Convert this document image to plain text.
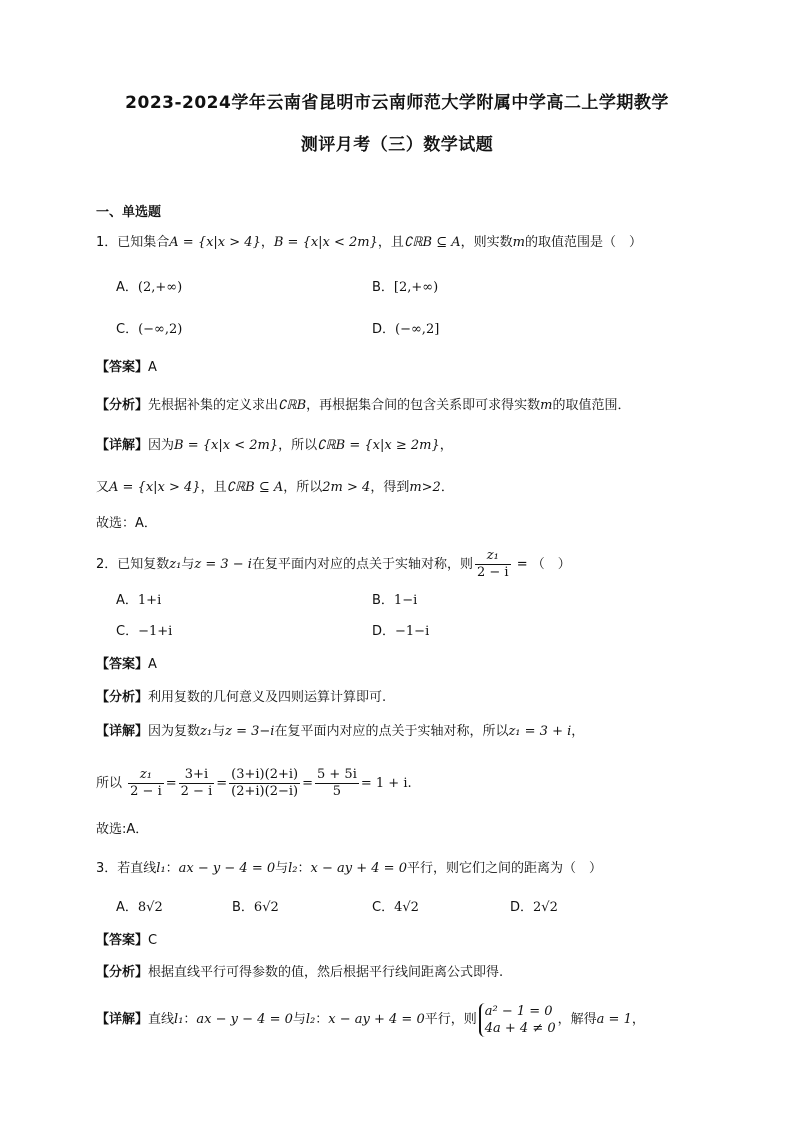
2023-2024学年云南省昆明市云南师范大学附属中学高二上学期教学
测评月考（三）数学试题
一、单选题
1．已知集合A = {x|x > 4}，B = {x|x < 2m}，且∁ℝB ⊆ A，则实数m的取值范围是（　）
A．(2,+∞)	B．[2,+∞)
C．(−∞,2)	D．(−∞,2]
【答案】A
【分析】先根据补集的定义求出∁ℝB，再根据集合间的包含关系即可求得实数m的取值范围．
【详解】因为B = {x|x < 2m}，所以∁ℝB = {x|x ≥ 2m}，
又A = {x|x > 4}，且∁ℝB ⊆ A，所以2m > 4，得到m>2．
故选：A．
2．已知复数z₁与z = 3 − i在复平面内对应的点关于实轴对称，则 $\frac{\text{z₁}}{2 - i}$ = （　）
A．1+i	B．1−i
C．−1+i	D．−1−i
【答案】A
【分析】利用复数的几何意义及四则运算计算即可.
【详解】因为复数z₁与z = 3−i在复平面内对应的点关于实轴对称，所以z₁ = 3 + i，
所以 $\frac{\text{z₁}}{2 - i} = \frac{3+i}{2 - i} = \frac{(3+i)(2+i)}{(2+i)(2-i)} = \frac{5 + 5i}{5} = 1 + i$.
故选:A．
3．若直线l₁：ax − y − 4 = 0与l₂：x − ay + 4 = 0平行，则它们之间的距离为（　）
A．8√2	B．6√2	C．4√2	D．2√2
【答案】C
【分析】根据直线平行可得参数的值，然后根据平行线间距离公式即得.
【详解】直线l₁：ax − y − 4 = 0与l₂：x − ay + 4 = 0平行，则
a² − 1 = 0
4a + 4 ≠ 0
，解得a = 1，
